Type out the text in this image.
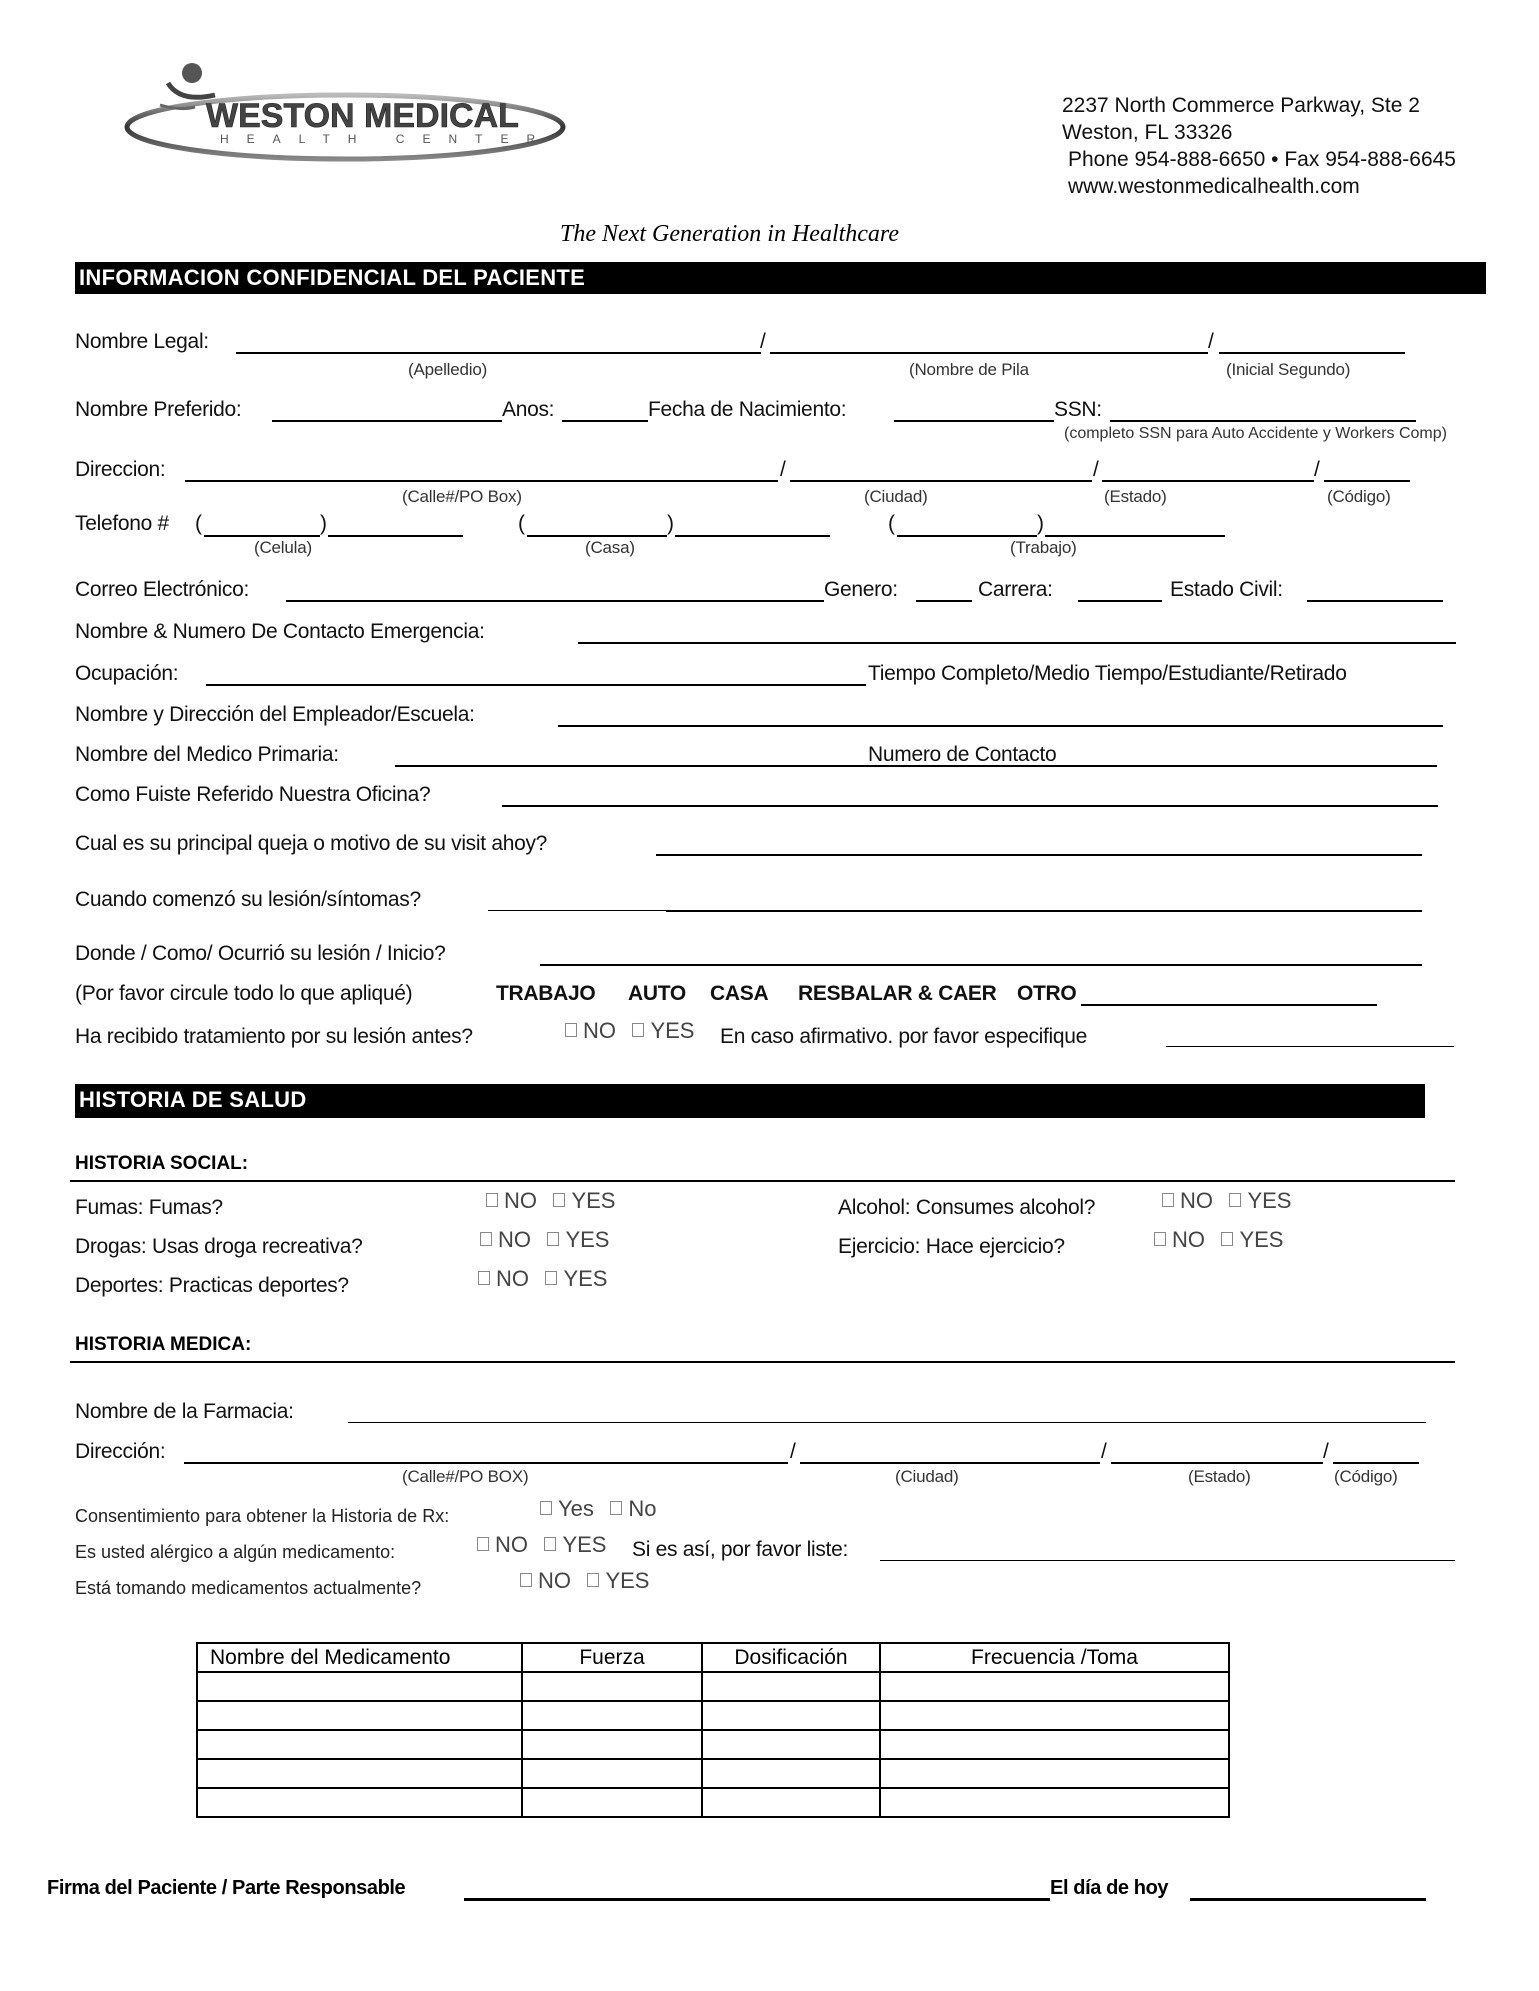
WESTON MEDICAL
HEALTH CENTER
2237 North Commerce Parkway, Ste 2
Weston, FL 33326
Phone 954-888-6650 • Fax 954-888-6645
www.westonmedicalhealth.com
The Next Generation in Healthcare
INFORMACION CONFIDENCIAL DEL PACIENTE
Nombre Legal:	/	/
(Apelledio)	(Nombre de Pila	(Inicial Segundo)
Nombre Preferido:	Anos:	Fecha de Nacimiento:	SSN:
(completo SSN para Auto Accidente y Workers Comp)
Direccion:	/	/	/
(Calle#/PO Box)	(Ciudad)	(Estado)	(Código)
Telefono # (	)	(	)	(	)
(Celula)	(Casa)	(Trabajo)
Correo Electrónico:	Genero:	Carrera:	Estado Civil:
Nombre & Numero De Contacto Emergencia:
Ocupación:	Tiempo Completo/Medio Tiempo/Estudiante/Retirado
Nombre y Dirección del Empleador/Escuela:
Nombre del Medico Primaria:	Numero de Contacto
Como Fuiste Referido Nuestra Oficina?
Cual es su principal queja o motivo de su visit ahoy?
Cuando comenzó su lesión/síntomas?
Donde / Como/ Ocurrió su lesión / Inicio?
(Por favor circule todo lo que apliqué)	TRABAJO AUTO CASA RESBALAR & CAER OTRO
Ha recibido tratamiento por su lesión antes?	NO YES	En caso afirmativo. por favor especifique
HISTORIA DE SALUD
HISTORIA SOCIAL:
Fumas: Fumas?	NO YES	Alcohol: Consumes alcohol?	NO YES
Drogas: Usas droga recreativa?	NO YES	Ejercicio: Hace ejercicio?	NO YES
Deportes: Practicas deportes?	NO YES
HISTORIA MEDICA:
Nombre de la Farmacia:
Dirección:	/	/	/
(Calle#/PO BOX)	(Ciudad)	(Estado)	(Código)
Consentimiento para obtener la Historia de Rx:	Yes No
Es usted alérgico a algún medicamento:	NO YES	Si es así, por favor liste:
Está tomando medicamentos actualmente?	NO YES
Nombre del Medicamento	Fuerza	Dosificación	Frecuencia /Toma

Firma del Paciente / Parte Responsable	El día de hoy
